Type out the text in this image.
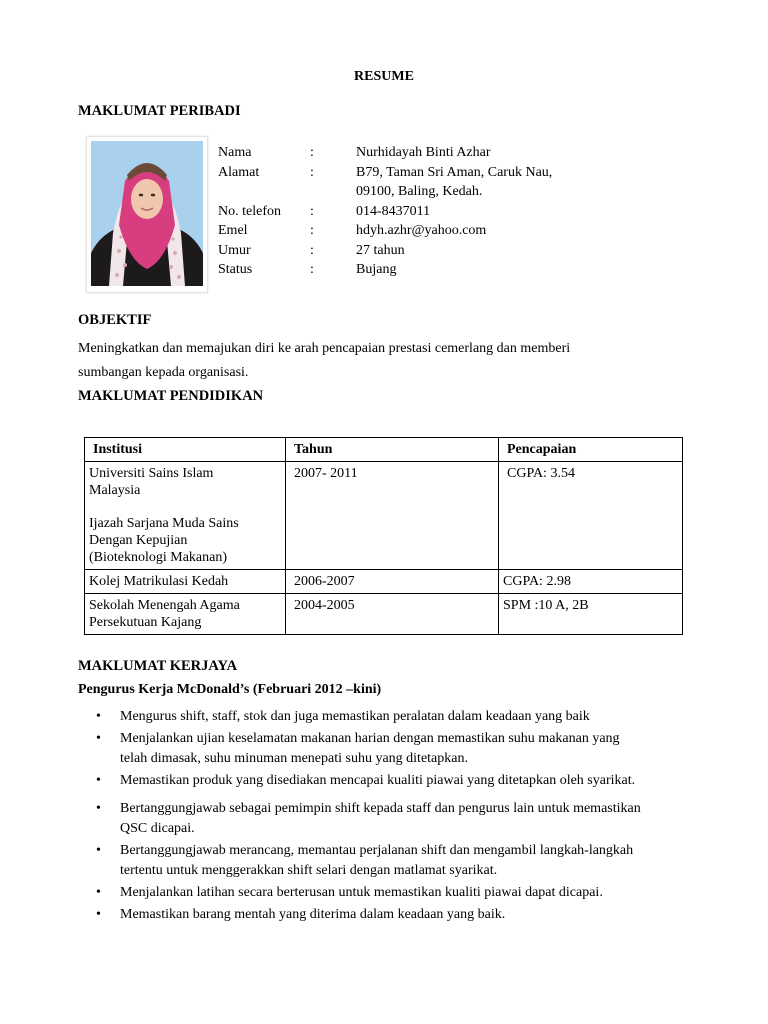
RESUME
MAKLUMAT PERIBADI
Nama	:	Nurhidayah Binti Azhar
Alamat	:	B79, Taman Sri Aman, Caruk Nau,
09100, Baling, Kedah.
No. telefon	:	014-8437011
Emel	:	hdyh.azhr@yahoo.com
Umur	:	27 tahun
Status	:	Bujang
OBJEKTIF
Meningkatkan dan memajukan diri ke arah pencapaian prestasi cemerlang dan memberi
sumbangan kepada organisasi.
MAKLUMAT PENDIDIKAN
Institusi	Tahun	Pencapaian

Universiti Sains Islam
Malaysia
Ijazah Sarjana Muda Sains
Dengan Kepujian
(Bioteknologi Makanan)	2007- 2011	CGPA: 3.54
Kolej Matrikulasi Kedah	2006-2007	CGPA: 2.98

Sekolah Menengah Agama
Persekutuan Kajang	2004-2005	SPM :10 A, 2B
MAKLUMAT KERJAYA
Pengurus Kerja McDonald’s (Februari 2012 –kini)
• Mengurus shift, staff, stok dan juga memastikan peralatan dalam keadaan yang baik
• Menjalankan ujian keselamatan makanan harian dengan memastikan suhu makanan yang
telah dimasak, suhu minuman menepati suhu yang ditetapkan.
• Memastikan produk yang disediakan mencapai kualiti piawai yang ditetapkan oleh syarikat.
• Bertanggungjawab sebagai pemimpin shift kepada staff dan pengurus lain untuk memastikan
QSC dicapai.
• Bertanggungjawab merancang, memantau perjalanan shift dan mengambil langkah-langkah
tertentu untuk menggerakkan shift selari dengan matlamat syarikat.
• Menjalankan latihan secara berterusan untuk memastikan kualiti piawai dapat dicapai.
• Memastikan barang mentah yang diterima dalam keadaan yang baik.
